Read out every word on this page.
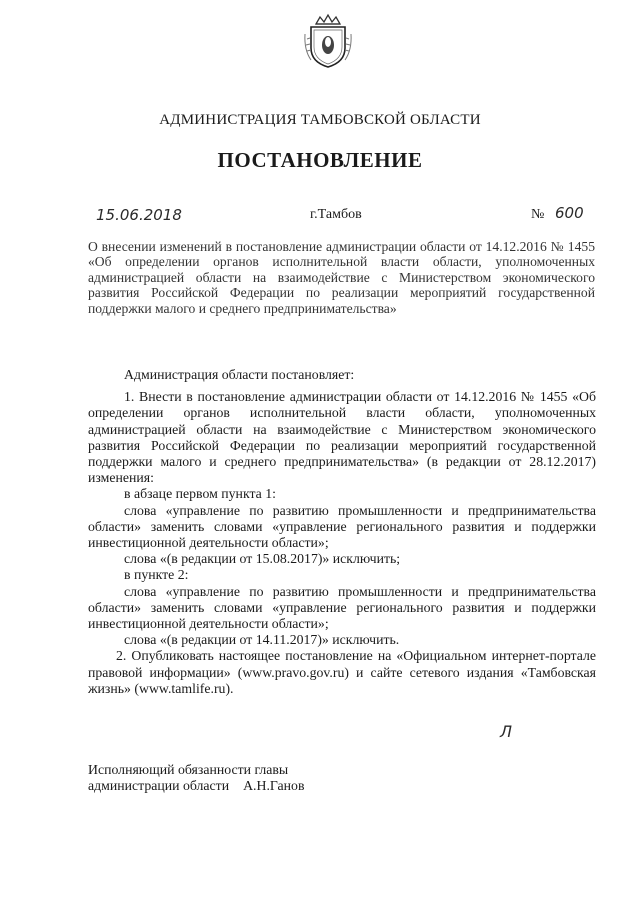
АДМИНИСТРАЦИЯ ТАМБОВСКОЙ ОБЛАСТИ
ПОСТАНОВЛЕНИЕ
15.06.2018	г.Тамбов	№ 600
О внесении изменений в постановление администрации области от 14.12.2016 № 1455 «Об определении органов исполнительной власти области, уполномоченных администрацией области на взаимодействие с Министерством экономического развития Российской Федерации по реализации мероприятий государственной поддержки малого и среднего предпринимательства»

Администрация области постановляет:

1. Внести в постановление администрации области от 14.12.2016 № 1455 «Об определении органов исполнительной власти области, уполномоченных администрацией области на взаимодействие с Министерством экономического развития Российской Федерации по реализации мероприятий государственной поддержки малого и среднего предпринимательства» (в редакции от 28.12.2017) изменения:

в абзаце первом пункта 1:

слова «управление по развитию промышленности и предпринимательства области» заменить словами «управление регионального развития и поддержки инвестиционной деятельности области»;

слова «(в редакции от 15.08.2017)» исключить;

в пункте 2:

слова «управление по развитию промышленности и предпринимательства области» заменить словами «управление регионального развития и поддержки инвестиционной деятельности области»;

слова «(в редакции от 14.11.2017)» исключить.

2. Опубликовать настоящее постановление на «Официальном интернет-портале правовой информации» (www.pravo.gov.ru) и сайте сетевого издания «Тамбовская жизнь» (www.tamlife.ru).

Л
Исполняющий обязанности главы
администрации области А.Н.Ганов
